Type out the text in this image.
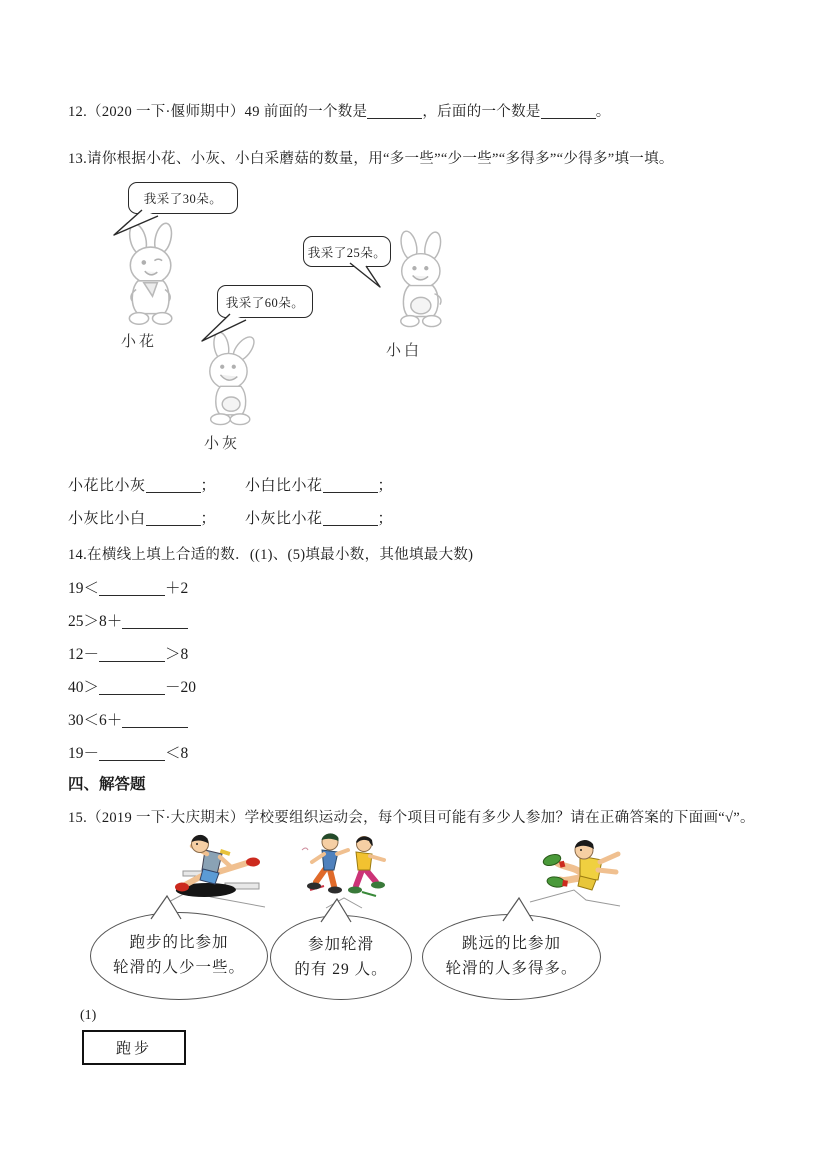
12.（2020 一下·偃师期中）49 前面的一个数是	，后面的一个数是	。
13.请你根据小花、小灰、小白采蘑菇的数量，用“多一些”“少一些”“多得多”“少得多”填一填。
我采了30朵。
小花
我采了25朵。
小白
我采了60朵。
小灰
小花比小灰	； 小白比小花	；
小灰比小白	； 小灰比小花	；
14.在横线上填上合适的数．((1)、(5)填最小数，其他填最大数)
19＜	＋2
25＞8＋
12－	＞8
40＞	－20
30＜6＋
19－	＜8
四、解答题
15.（2019 一下·大庆期末）学校要组织运动会，每个项目可能有多少人参加？请在正确答案的下面画“√”。
跑步的比参加
轮滑的人少一些。
参加轮滑
的有 29 人。
跳远的比参加
轮滑的人多得多。
(1)
跑步
